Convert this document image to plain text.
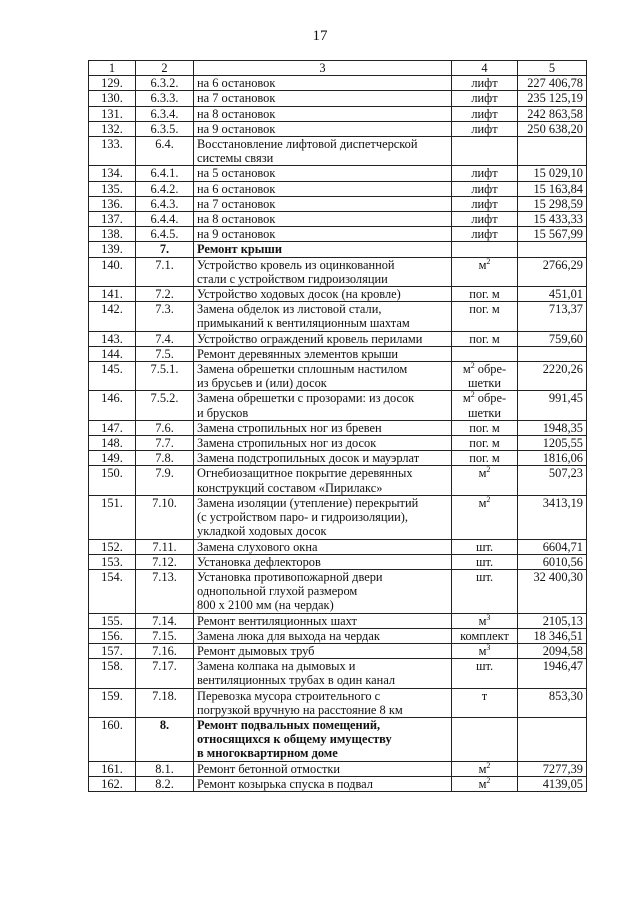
17
1	2	3	4	5
129.	6.3.2.	на 6 остановок	лифт	227 406,78
130.	6.3.3.	на 7 остановок	лифт	235 125,19
131.	6.3.4.	на 8 остановок	лифт	242 863,58
132.	6.3.5.	на 9 остановок	лифт	250 638,20
133.	6.4.	Восстановление лифтовой диспетчерской
системы связи		
134.	6.4.1.	на 5 остановок	лифт	15 029,10
135.	6.4.2.	на 6 остановок	лифт	15 163,84
136.	6.4.3.	на 7 остановок	лифт	15 298,59
137.	6.4.4.	на 8 остановок	лифт	15 433,33
138.	6.4.5.	на 9 остановок	лифт	15 567,99
139.	7.	Ремонт крыши		
140.	7.1.	Устройство кровель из оцинкованной
стали с устройством гидроизоляции	$м^2$	2766,29
141.	7.2.	Устройство ходовых досок (на кровле)	пог. м	451,01
142.	7.3.	Замена обделок из листовой стали,
примыканий к вентиляционным шахтам	пог. м	713,37
143.	7.4.	Устройство ограждений кровель перилами	пог. м	759,60
144.	7.5.	Ремонт деревянных элементов крыши		
145.	7.5.1.	Замена обрешетки сплошным настилом
из брусьев и (или) досок	$м^2$ обре-
шетки	2220,26
146.	7.5.2.	Замена обрешетки с прозорами: из досок
и брусков	$м^2$ обре-
шетки	991,45
147.	7.6.	Замена стропильных ног из бревен	пог. м	1948,35
148.	7.7.	Замена стропильных ног из досок	пог. м	1205,55
149.	7.8.	Замена подстропильных досок и мауэрлат	пог. м	1816,06
150.	7.9.	Огнебиозащитное покрытие деревянных
конструкций составом «Пирилакс»	$м^2$	507,23
151.	7.10.	Замена изоляции (утепление) перекрытий
(с устройством паро- и гидроизоляции),
укладкой ходовых досок	$м^2$	3413,19
152.	7.11.	Замена слухового окна	шт.	6604,71
153.	7.12.	Установка дефлекторов	шт.	6010,56
154.	7.13.	Установка противопожарной двери
однопольной глухой размером
800 х 2100 мм (на чердак)	шт.	32 400,30
155.	7.14.	Ремонт вентиляционных шахт	$м^3$	2105,13
156.	7.15.	Замена люка для выхода на чердак	комплект	18 346,51
157.	7.16.	Ремонт дымовых труб	$м^3$	2094,58
158.	7.17.	Замена колпака на дымовых и
вентиляционных трубах в один канал	шт.	1946,47
159.	7.18.	Перевозка мусора строительного с
погрузкой вручную на расстояние 8 км	т	853,30
160.	8.	Ремонт подвальных помещений,
относящихся к общему имуществу
в многоквартирном доме		
161.	8.1.	Ремонт бетонной отмостки	$м^2$	7277,39
162.	8.2.	Ремонт козырька спуска в подвал	$м^2$	4139,05
